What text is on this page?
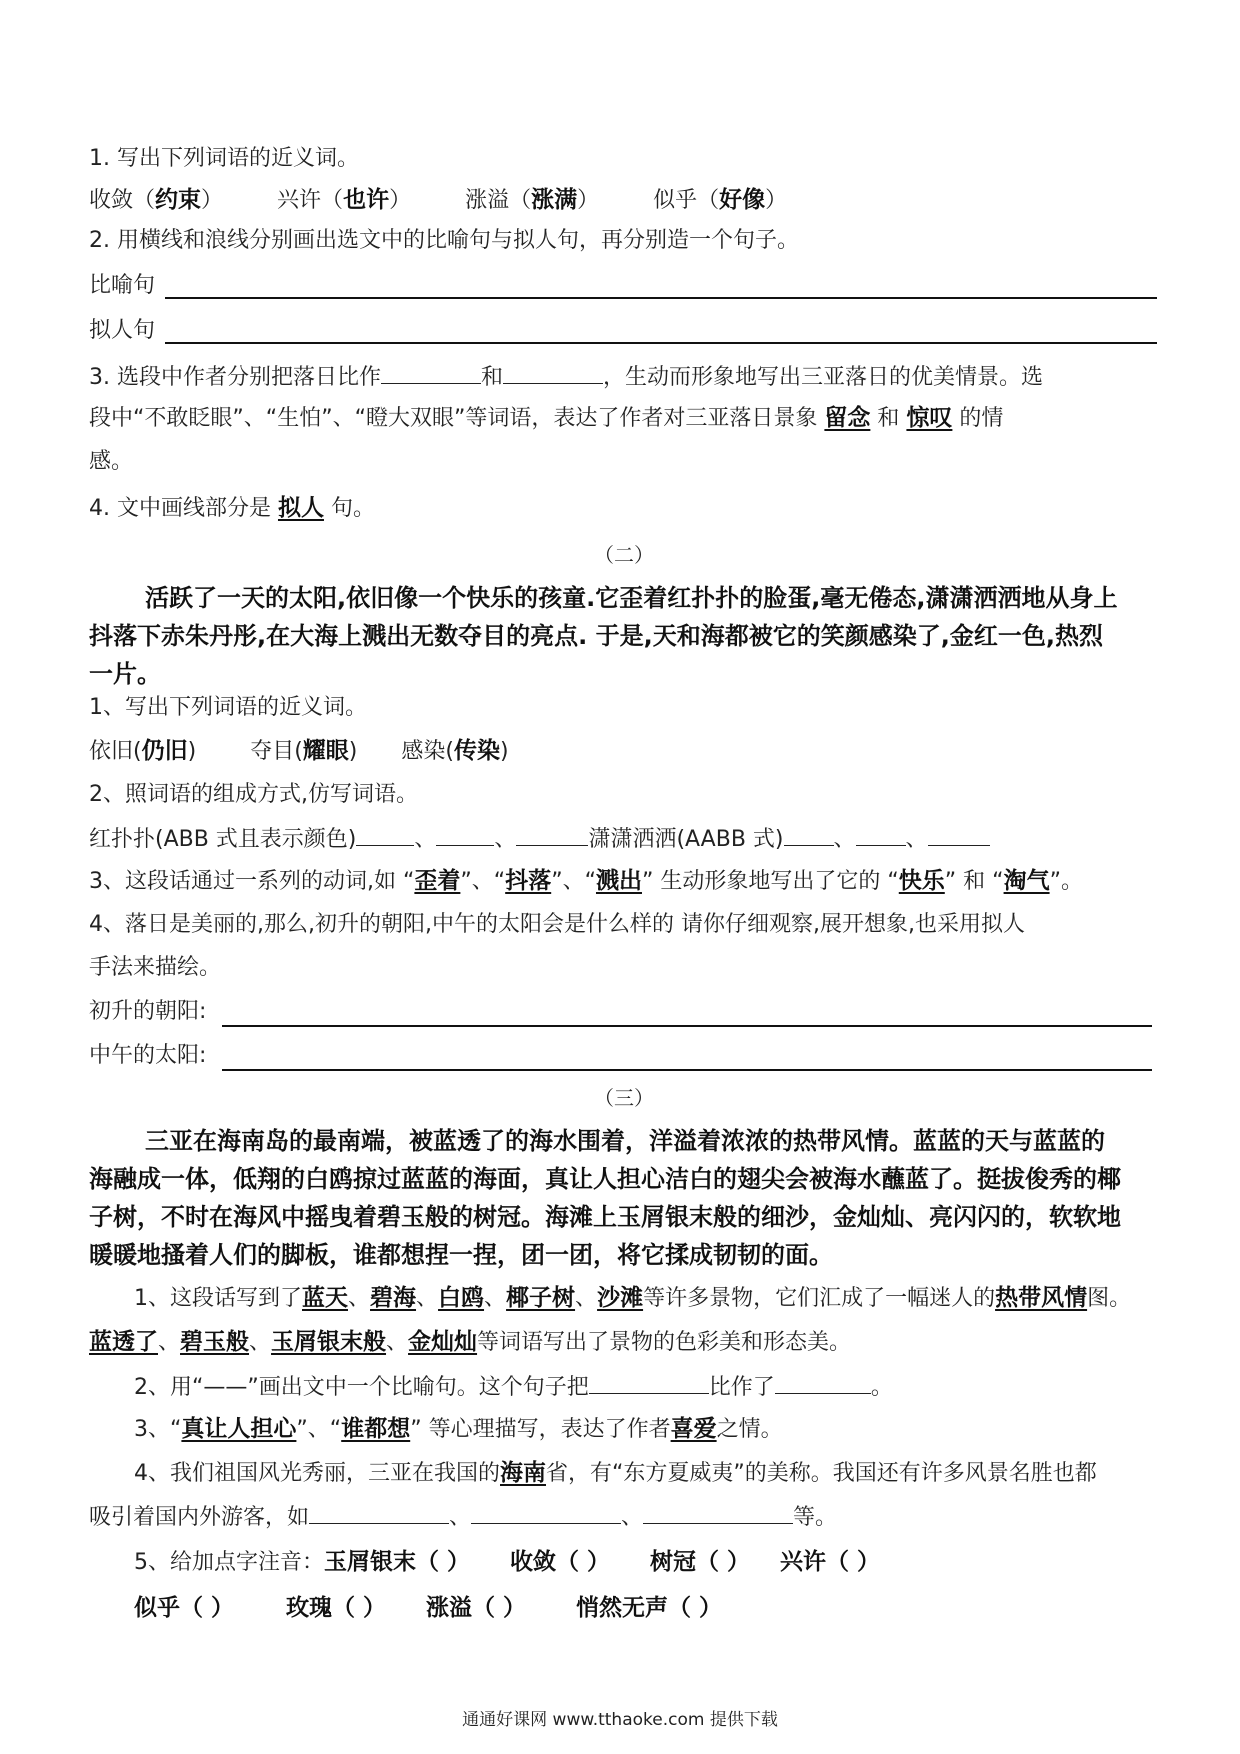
1. 写出下列词语的近义词。
收敛（约束）  兴许（也许）  涨溢（涨满）  似乎（好像）
2. 用横线和浪线分别画出选文中的比喻句与拟人句，再分别造一个句子。
比喻句
拟人句
3. 选段中作者分别把落日比作	和	，生动而形象地写出三亚落日的优美情景。选
段中“不敢眨眼”、“生怕”、“瞪大双眼”等词语，表达了作者对三亚落日景象 留念 和 惊叹 的情
感。
4. 文中画线部分是 拟人 句。
（二）
活跃了一天的太阳,依旧像一个快乐的孩童.它歪着红扑扑的脸蛋,毫无倦态,潇潇洒洒地从身上
抖落下赤朱丹彤,在大海上溅出无数夺目的亮点. 于是,天和海都被它的笑颜感染了,金红一色,热烈
一片。
1、写出下列词语的近义词。
依旧(仍旧)  夺目(耀眼)  感染(传染)
2、照词语的组成方式,仿写词语。
红扑扑(ABB 式且表示颜色)	、	、	潇潇洒洒(AABB 式) 、 、
3、这段话通过一系列的动词,如 “歪着”、“抖落”、“溅出” 生动形象地写出了它的 “快乐” 和 “淘气”。
4、落日是美丽的,那么,初升的朝阳,中午的太阳会是什么样的 请你仔细观察,展开想象,也采用拟人
手法来描绘。
初升的朝阳:
中午的太阳:
（三）
三亚在海南岛的最南端，被蓝透了的海水围着，洋溢着浓浓的热带风情。蓝蓝的天与蓝蓝的
海融成一体，低翔的白鸥掠过蓝蓝的海面，真让人担心洁白的翅尖会被海水蘸蓝了。挺拔俊秀的椰
子树，不时在海风中摇曳着碧玉般的树冠。海滩上玉屑银末般的细沙，金灿灿、亮闪闪的，软软地
暖暖地搔着人们的脚板，谁都想捏一捏，团一团，将它揉成韧韧的面。
1、这段话写到了蓝天、碧海、白鸥、椰子树、沙滩等许多景物，它们汇成了一幅迷人的热带风情图。
蓝透了、碧玉般、玉屑银末般、金灿灿等词语写出了景物的色彩美和形态美。
2、用“——”画出文中一个比喻句。这个句子把	比作了	。
3、“真让人担心”、“谁都想” 等心理描写，表达了作者喜爱之情。
4、我们祖国风光秀丽，三亚在我国的海南省，有“东方夏威夷”的美称。我国还有许多风景名胜也都
吸引着国内外游客，如	、	、	等。
5、给加点字注音：玉屑银末（ ） 收敛（ ） 树冠（ ） 兴许（ ）
似乎（ ） 玫瑰（ ） 涨溢（ ） 悄然无声（ ）
通通好课网 www.tthaoke.com 提供下载
